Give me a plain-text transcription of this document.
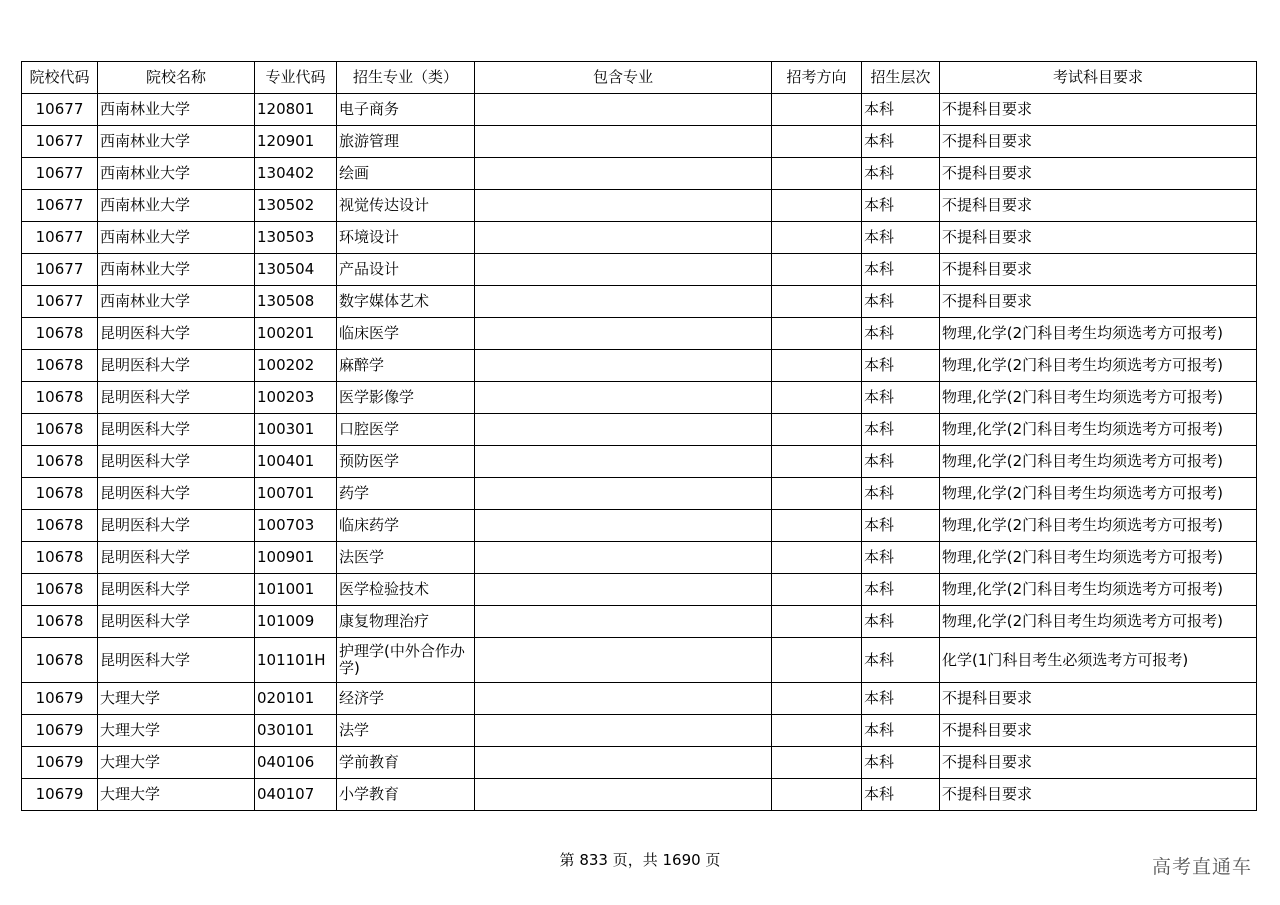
院校代码	院校名称	专业代码	招生专业（类）	包含专业	招考方向	招生层次	考试科目要求
10677	西南林业大学	120801	电子商务			本科	不提科目要求
10677	西南林业大学	120901	旅游管理			本科	不提科目要求
10677	西南林业大学	130402	绘画			本科	不提科目要求
10677	西南林业大学	130502	视觉传达设计			本科	不提科目要求
10677	西南林业大学	130503	环境设计			本科	不提科目要求
10677	西南林业大学	130504	产品设计			本科	不提科目要求
10677	西南林业大学	130508	数字媒体艺术			本科	不提科目要求
10678	昆明医科大学	100201	临床医学			本科	物理,化学(2门科目考生均须选考方可报考)
10678	昆明医科大学	100202	麻醉学			本科	物理,化学(2门科目考生均须选考方可报考)
10678	昆明医科大学	100203	医学影像学			本科	物理,化学(2门科目考生均须选考方可报考)
10678	昆明医科大学	100301	口腔医学			本科	物理,化学(2门科目考生均须选考方可报考)
10678	昆明医科大学	100401	预防医学			本科	物理,化学(2门科目考生均须选考方可报考)
10678	昆明医科大学	100701	药学			本科	物理,化学(2门科目考生均须选考方可报考)
10678	昆明医科大学	100703	临床药学			本科	物理,化学(2门科目考生均须选考方可报考)
10678	昆明医科大学	100901	法医学			本科	物理,化学(2门科目考生均须选考方可报考)
10678	昆明医科大学	101001	医学检验技术			本科	物理,化学(2门科目考生均须选考方可报考)
10678	昆明医科大学	101009	康复物理治疗			本科	物理,化学(2门科目考生均须选考方可报考)
10678	昆明医科大学	101101H	护理学(中外合作办学)			本科	化学(1门科目考生必须选考方可报考)
10679	大理大学	020101	经济学			本科	不提科目要求
10679	大理大学	030101	法学			本科	不提科目要求
10679	大理大学	040106	学前教育			本科	不提科目要求
10679	大理大学	040107	小学教育			本科	不提科目要求
第 833 页，共 1690 页	高考直通车
